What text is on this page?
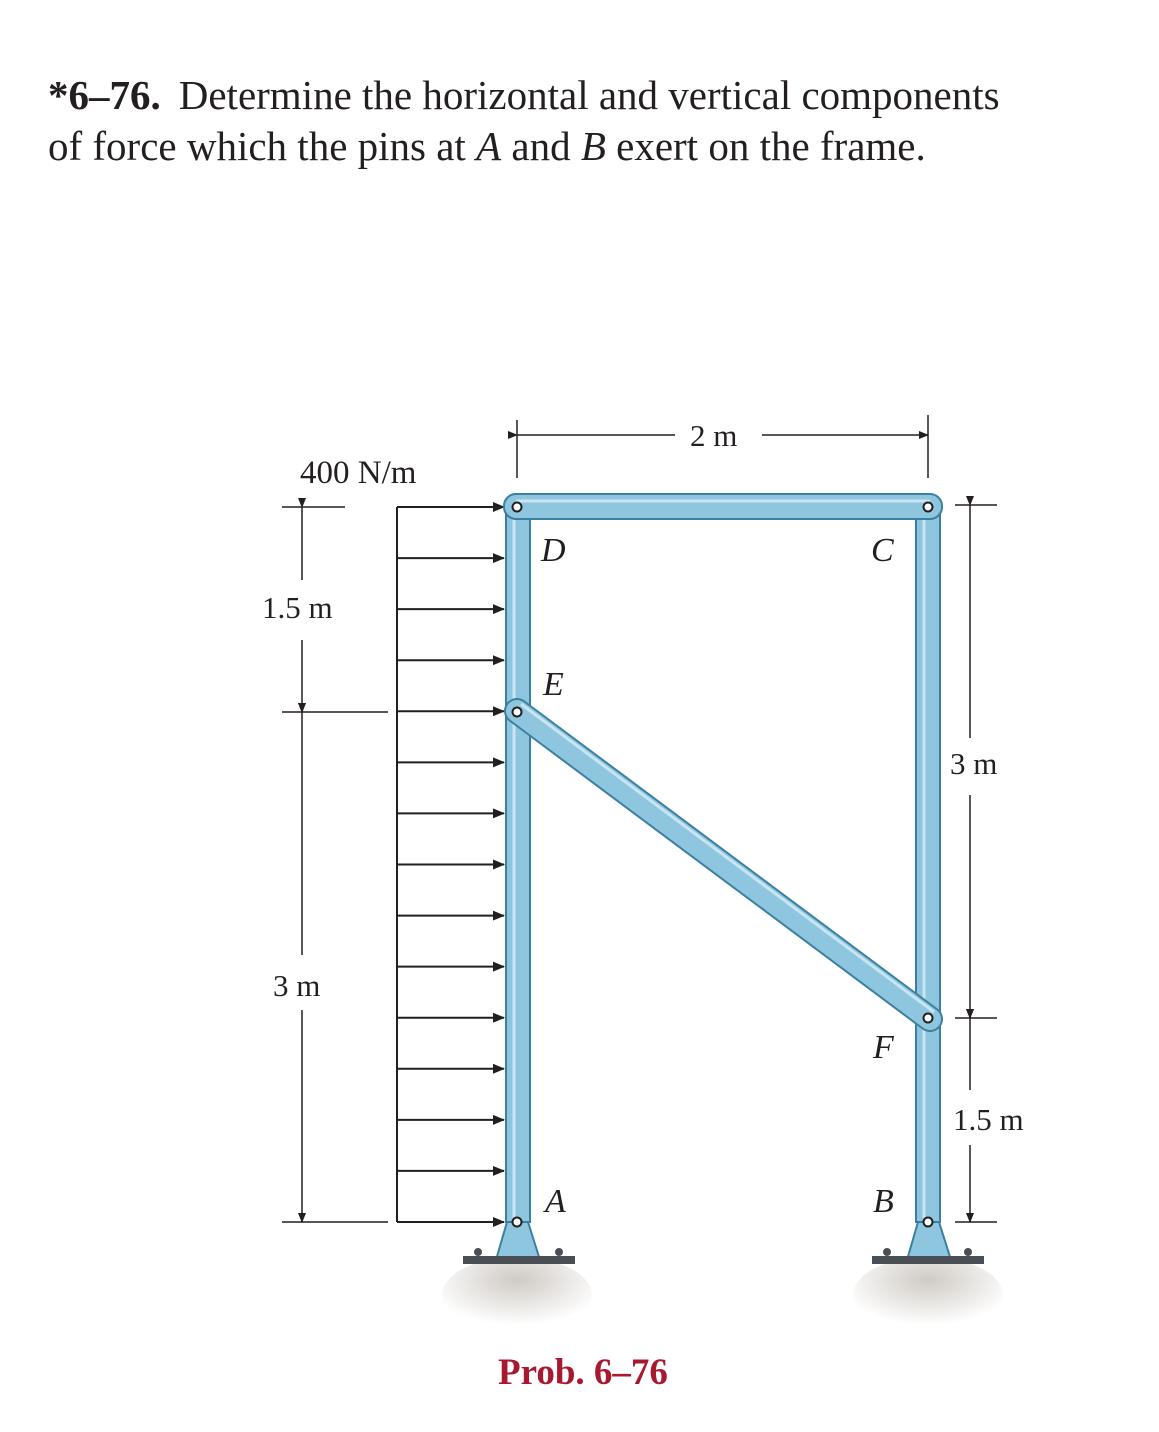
*6–76. Determine the horizontal and vertical components
of force which the pins at A and B exert on the frame.
400 N/m
1.5 m
3 m
2 m
3 m
1.5 m
D	C
E
F
A	B
Prob. 6–76
